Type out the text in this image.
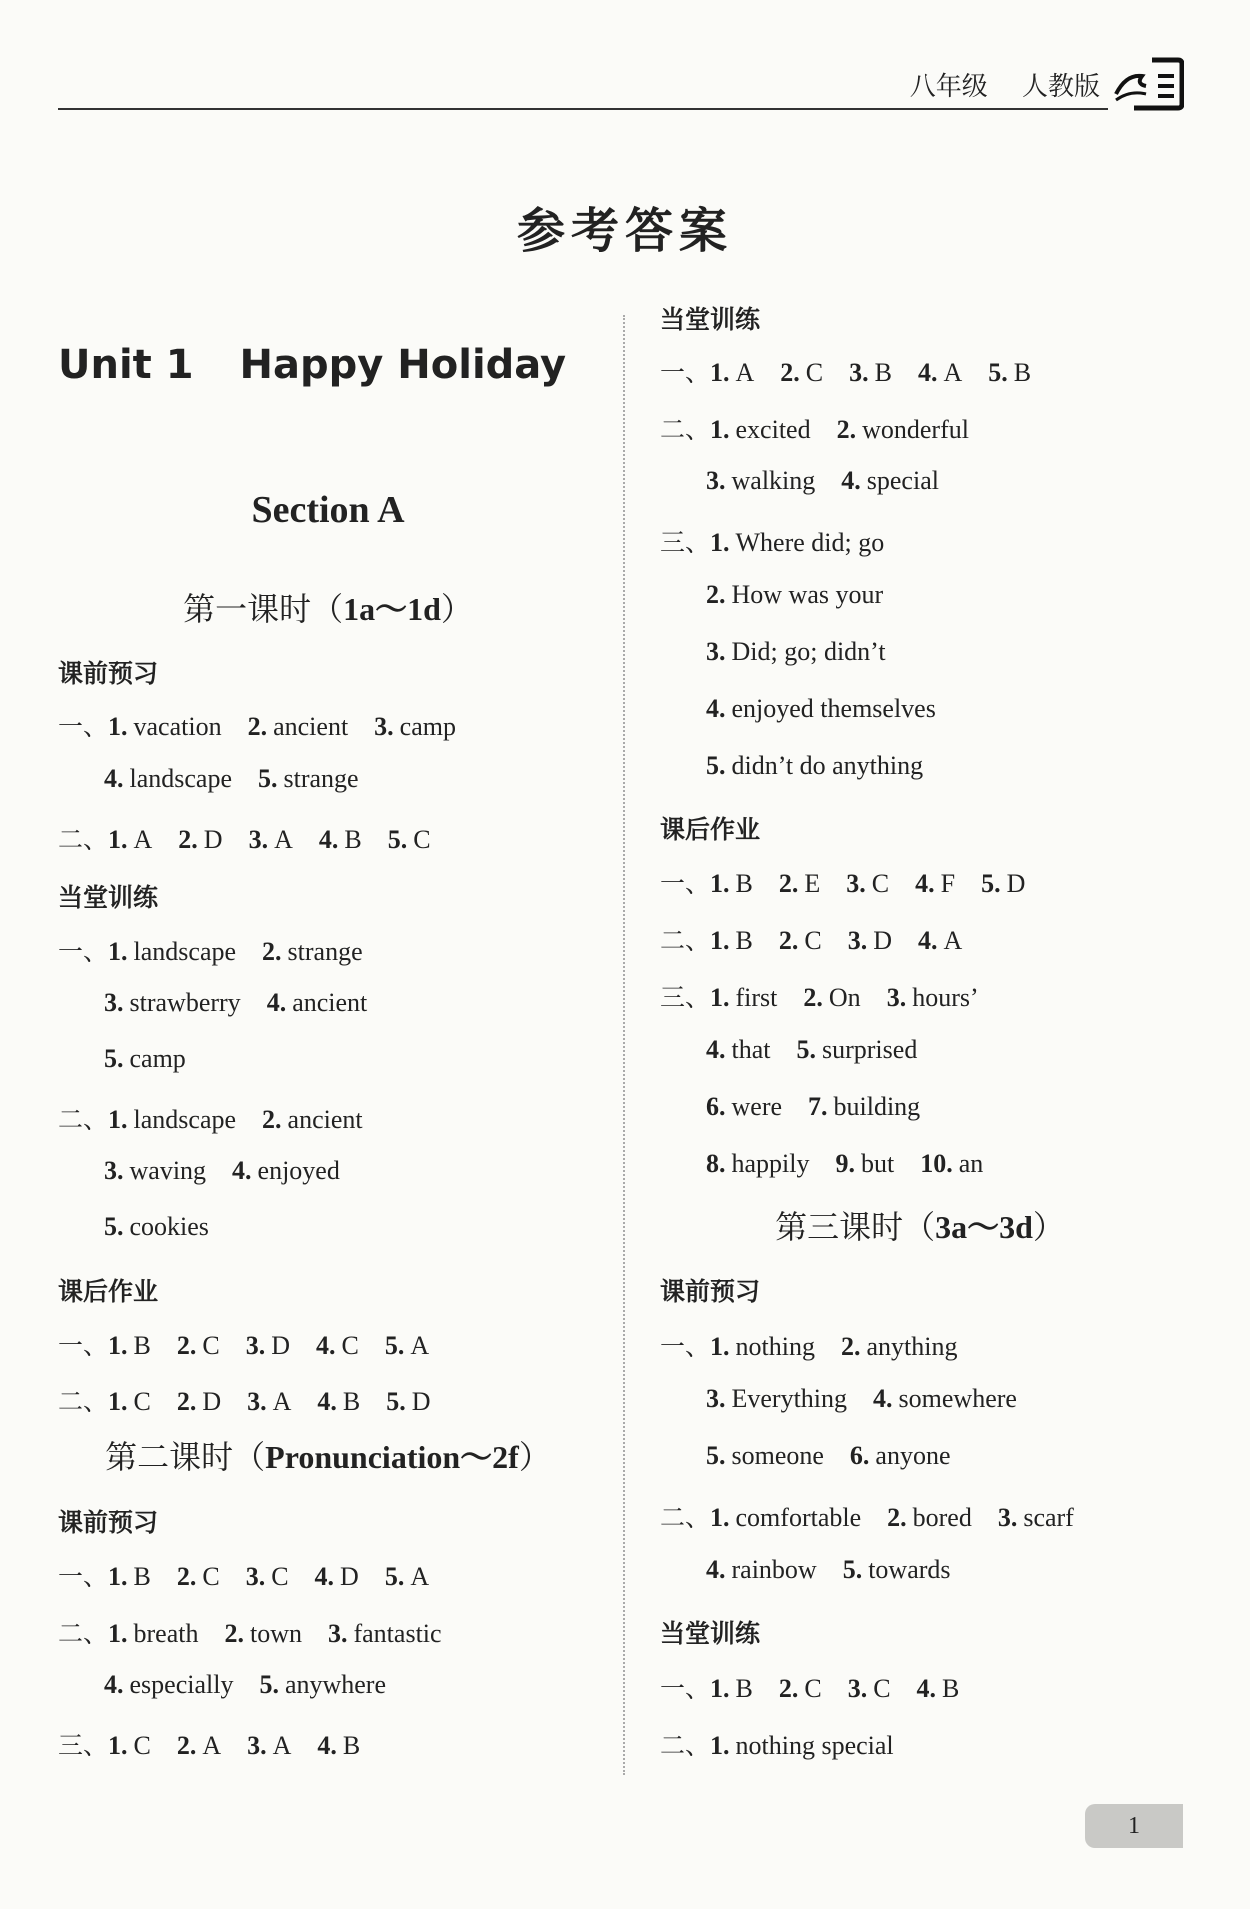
八年级 人教版
参考答案
Unit 1 Happy Holiday
Section A
第一课时（1a～1d）
课前预习
一、1. vacation 2. ancient 3. camp
4. landscape 5. strange
二、1. A 2. D 3. A 4. B 5. C
当堂训练
一、1. landscape 2. strange
3. strawberry 4. ancient
5. camp
二、1. landscape 2. ancient
3. waving 4. enjoyed
5. cookies
课后作业
一、1. B 2. C 3. D 4. C 5. A
二、1. C 2. D 3. A 4. B 5. D
第二课时（Pronunciation～2f）
课前预习
一、1. B 2. C 3. C 4. D 5. A
二、1. breath 2. town 3. fantastic
4. especially 5. anywhere
三、1. C 2. A 3. A 4. B
当堂训练
一、1. A 2. C 3. B 4. A 5. B
二、1. excited 2. wonderful
3. walking 4. special
三、1. Where did; go
2. How was your
3. Did; go; didn’t
4. enjoyed themselves
5. didn’t do anything
课后作业
一、1. B 2. E 3. C 4. F 5. D
二、1. B 2. C 3. D 4. A
三、1. first 2. On 3. hours’
4. that 5. surprised
6. were 7. building
8. happily 9. but 10. an
第三课时（3a～3d）
课前预习
一、1. nothing 2. anything
3. Everything 4. somewhere
5. someone 6. anyone
二、1. comfortable 2. bored 3. scarf
4. rainbow 5. towards
当堂训练
一、1. B 2. C 3. C 4. B
二、1. nothing special
1
